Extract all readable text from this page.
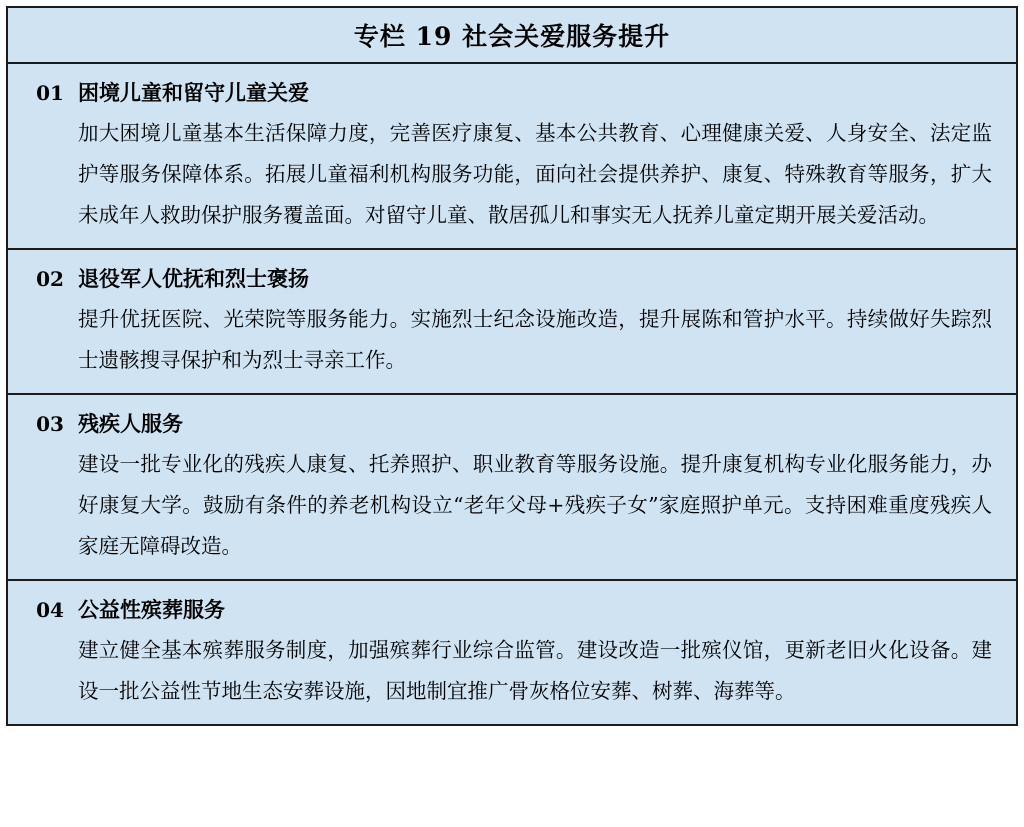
专栏 19 社会关爱服务提升
01 困境儿童和留守儿童关爱
加大困境儿童基本生活保障力度，完善医疗康复、基本公共教育、心理健康关爱、人身安全、法定监护等服务保障体系。拓展儿童福利机构服务功能，面向社会提供养护、康复、特殊教育等服务，扩大未成年人救助保护服务覆盖面。对留守儿童、散居孤儿和事实无人抚养儿童定期开展关爱活动。
02 退役军人优抚和烈士褒扬
提升优抚医院、光荣院等服务能力。实施烈士纪念设施改造，提升展陈和管护水平。持续做好失踪烈士遗骸搜寻保护和为烈士寻亲工作。
03 残疾人服务
建设一批专业化的残疾人康复、托养照护、职业教育等服务设施。提升康复机构专业化服务能力，办好康复大学。鼓励有条件的养老机构设立“老年父母+残疾子女”家庭照护单元。支持困难重度残疾人家庭无障碍改造。
04 公益性殡葬服务
建立健全基本殡葬服务制度，加强殡葬行业综合监管。建设改造一批殡仪馆，更新老旧火化设备。建设一批公益性节地生态安葬设施，因地制宜推广骨灰格位安葬、树葬、海葬等。
